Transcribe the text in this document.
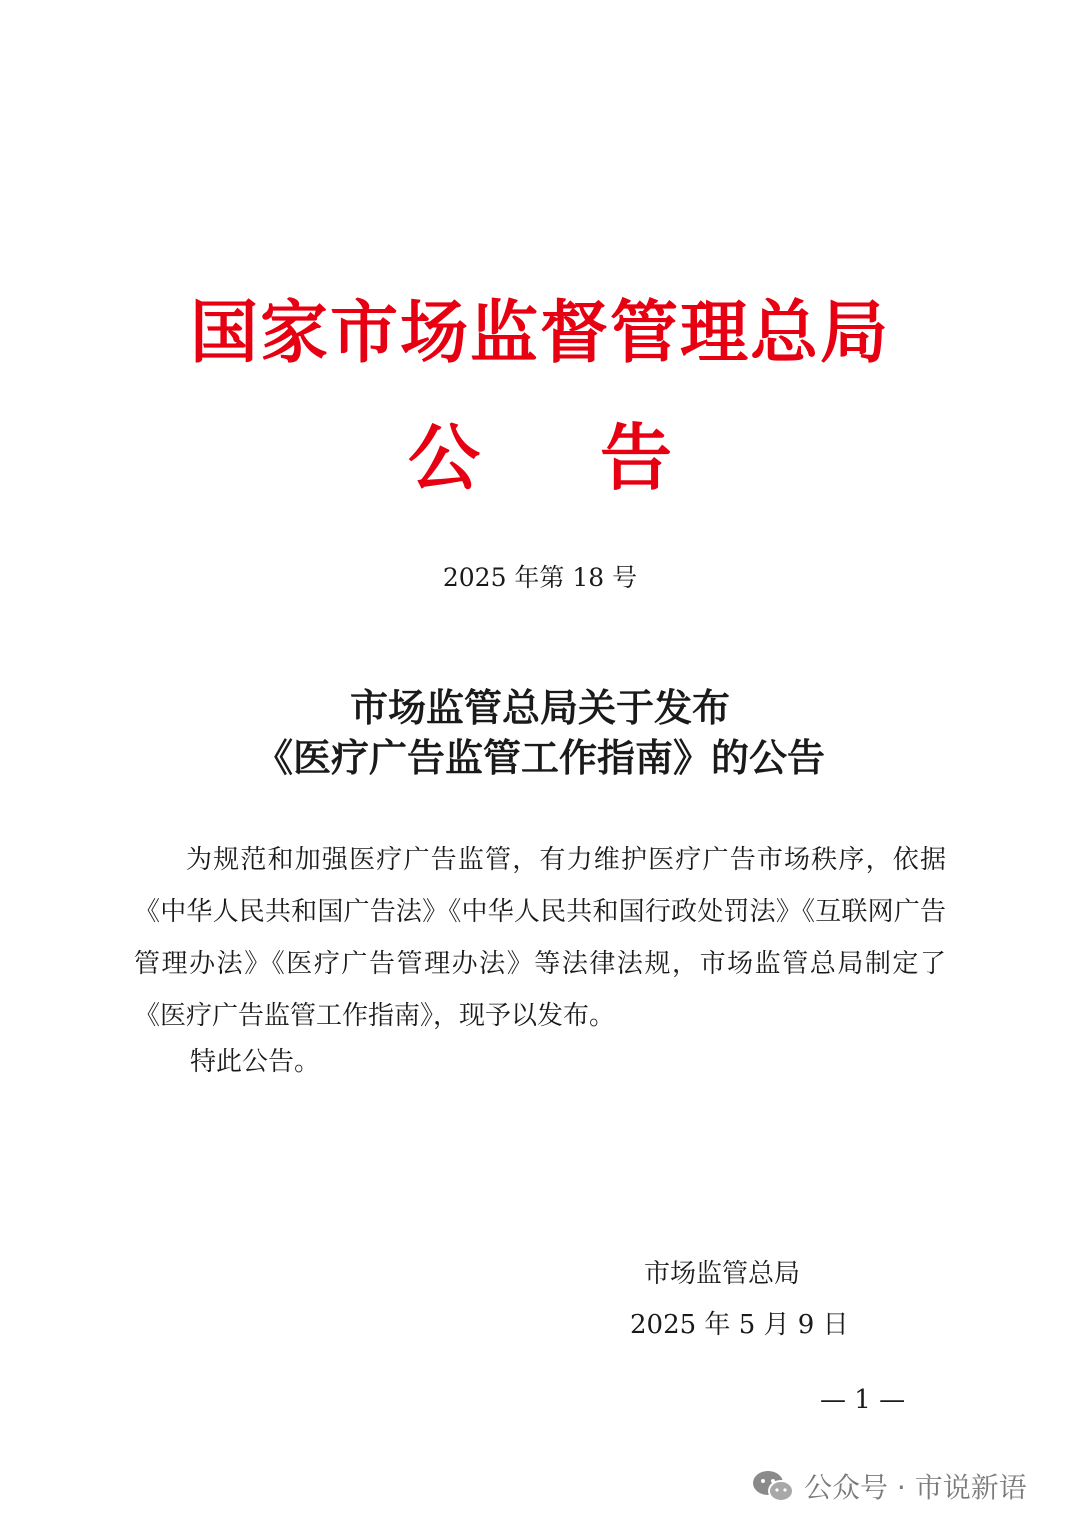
国家市场监督管理总局
公 告
2025 年第 18 号
市场监管总局关于发布
《医疗广告监管工作指南》的公告

为规范和加强医疗广告监管，有力维护医疗广告市场秩序，依据《中华人民共和国广告法》《中华人民共和国行政处罚法》《互联网广告管理办法》《医疗广告管理办法》等法律法规，市场监管总局制定了《医疗广告监管工作指南》，现予以发布。

特此公告。
市场监管总局
2025 年 5 月 9 日
— 1 —
公众号 · 市说新语
